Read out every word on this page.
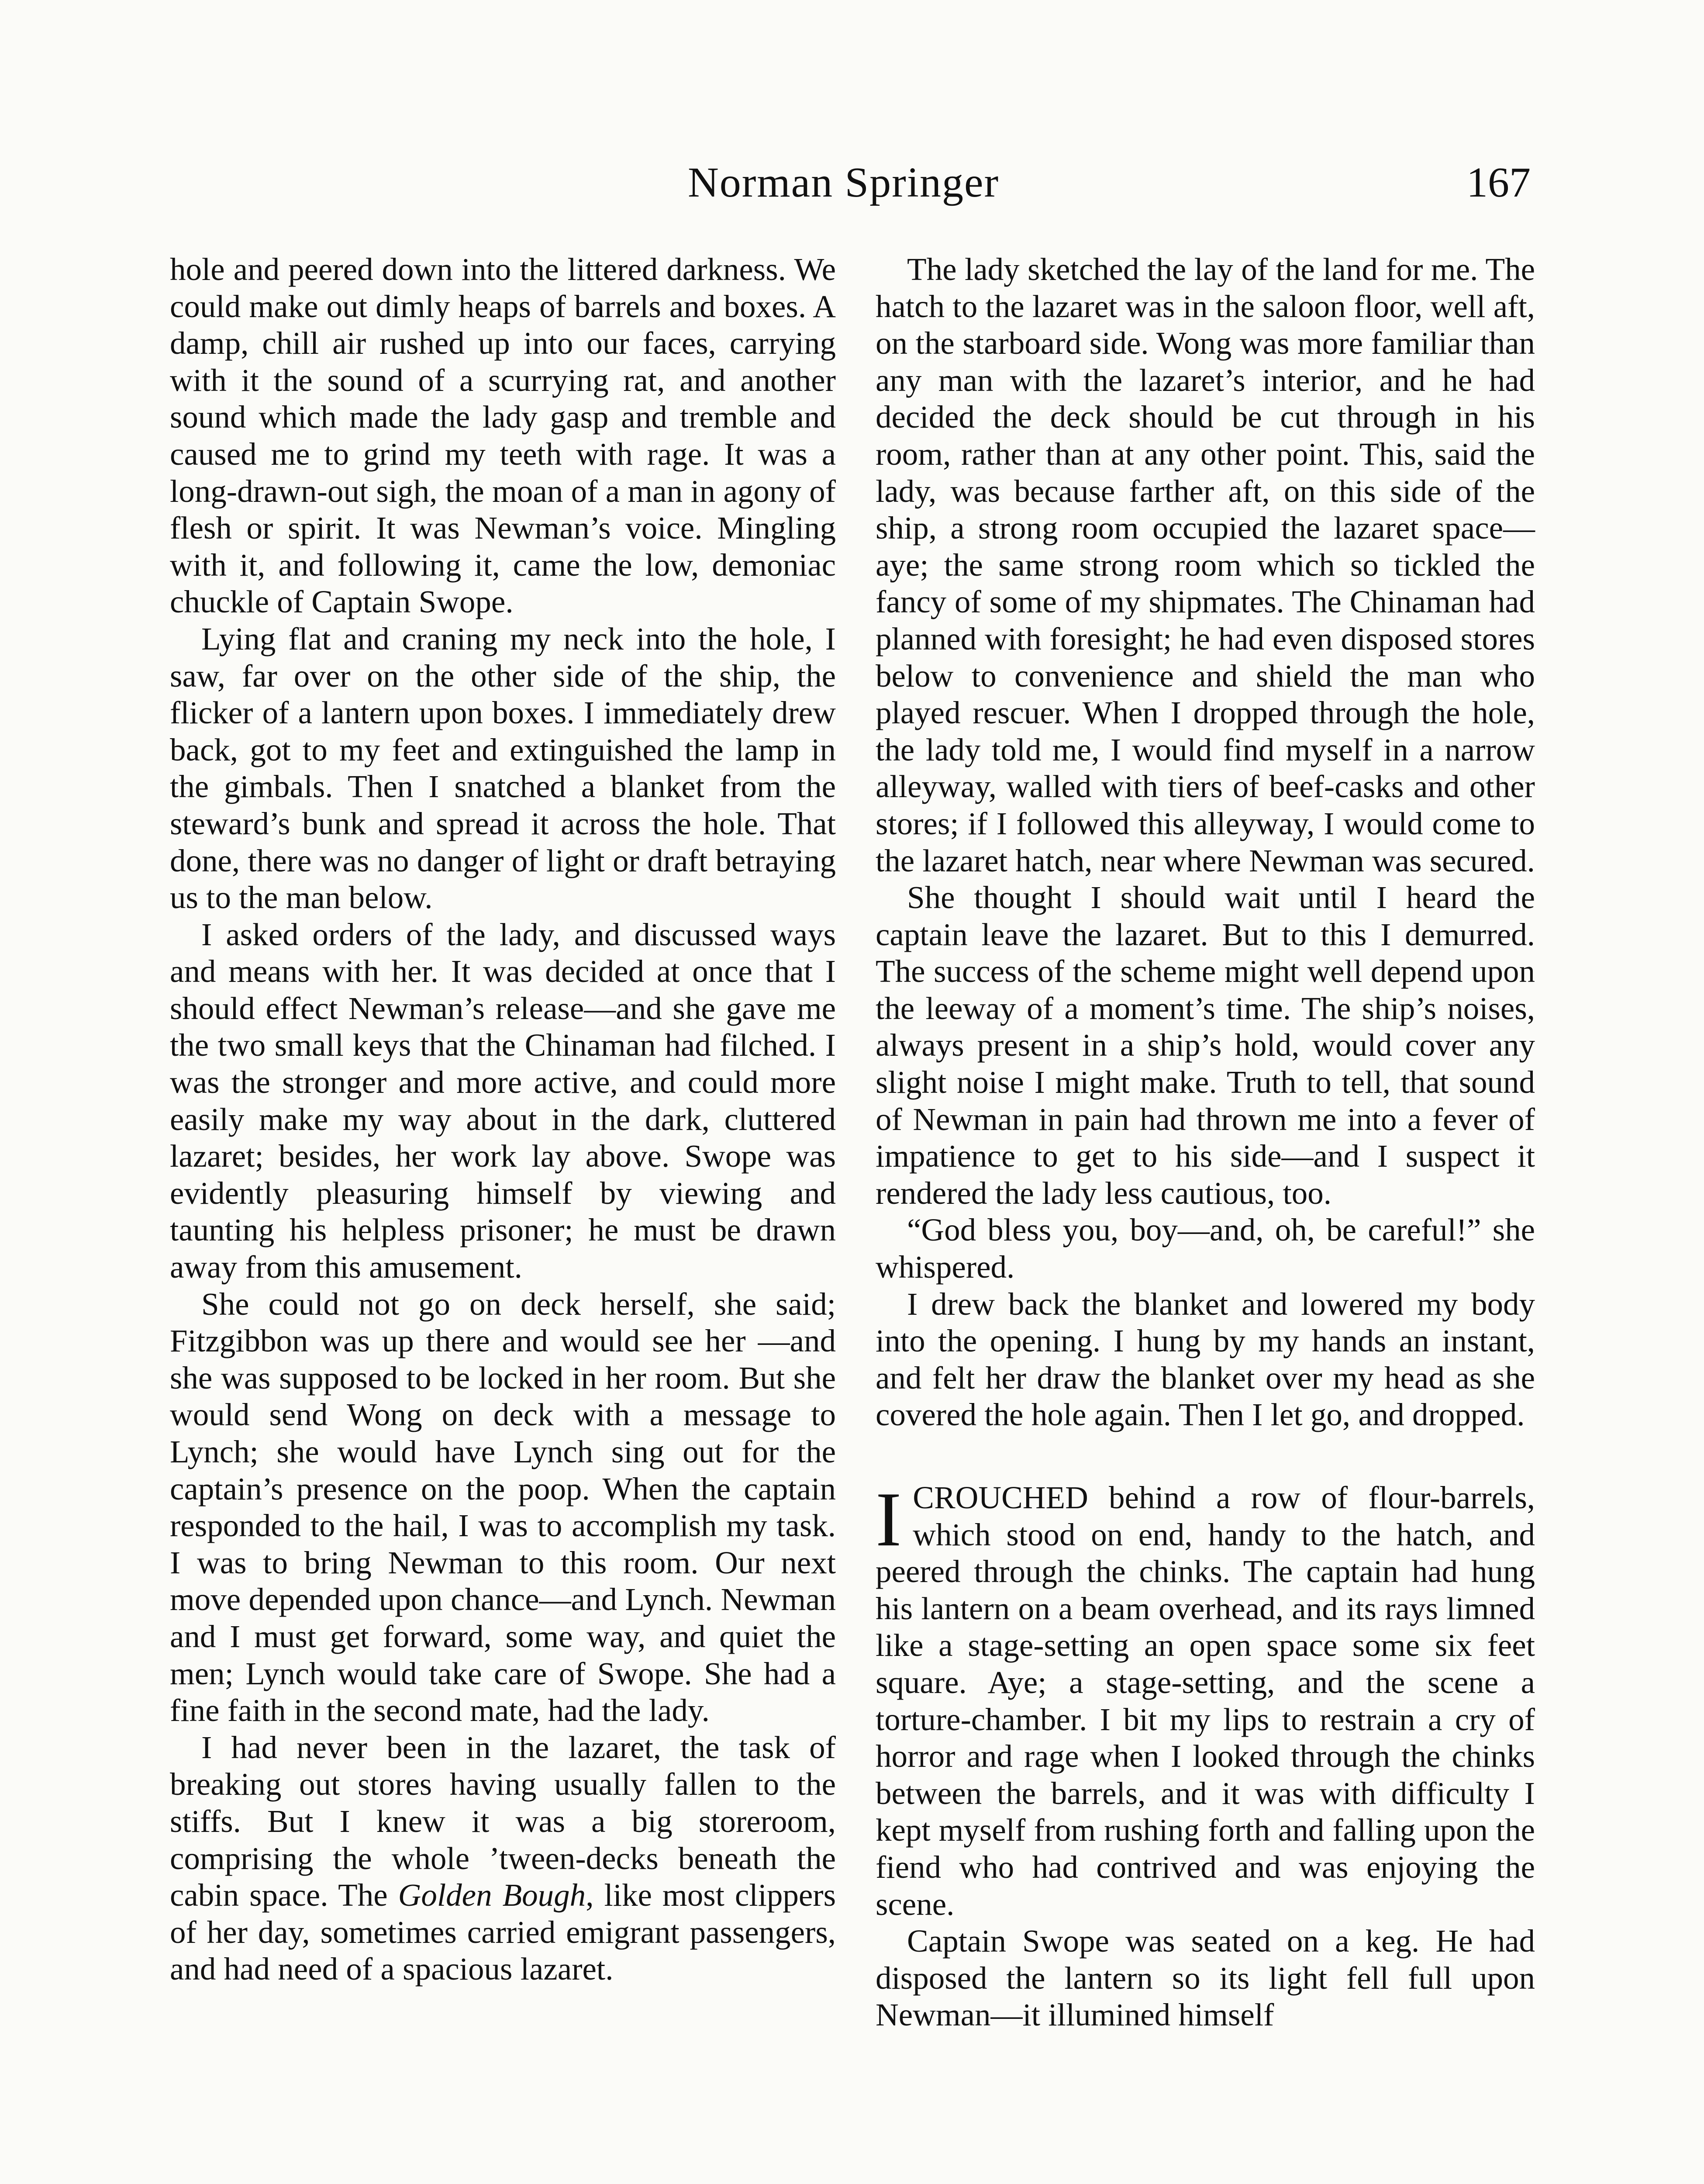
Norman Springer	167

hole and peered down into the littered darkness. We could make out dimly heaps of barrels and boxes. A damp, chill air rushed up into our faces, carrying with it the sound of a scurrying rat, and another sound which made the lady gasp and tremble and caused me to grind my teeth with rage. It was a long-drawn-out sigh, the moan of a man in agony of flesh or spirit. It was Newman’s voice. Mingling with it, and following it, came the low, demoniac chuckle of Captain Swope.

Lying flat and craning my neck into the hole, I saw, far over on the other side of the ship, the flicker of a lantern upon boxes. I immediately drew back, got to my feet and extinguished the lamp in the gimbals. Then I snatched a blanket from the steward’s bunk and spread it across the hole. That done, there was no danger of light or draft betraying us to the man below.

I asked orders of the lady, and discussed ways and means with her. It was decided at once that I should effect Newman’s release—and she gave me the two small keys that the Chinaman had filched. I was the stronger and more active, and could more easily make my way about in the dark, cluttered lazaret; besides, her work lay above. Swope was evidently pleasuring himself by viewing and taunting his helpless prisoner; he must be drawn away from this amusement.

She could not go on deck herself, she said; Fitzgibbon was up there and would see her —and she was supposed to be locked in her room. But she would send Wong on deck with a message to Lynch; she would have Lynch sing out for the captain’s presence on the poop. When the captain responded to the hail, I was to accomplish my task. I was to bring Newman to this room. Our next move depended upon chance—and Lynch. Newman and I must get forward, some way, and quiet the men; Lynch would take care of Swope. She had a fine faith in the second mate, had the lady.

I had never been in the lazaret, the task of breaking out stores having usually fallen to the stiffs. But I knew it was a big storeroom, comprising the whole ’tween-decks beneath the cabin space. The Golden Bough, like most clippers of her day, sometimes carried emigrant passengers, and had need of a spacious lazaret.

The lady sketched the lay of the land for me. The hatch to the lazaret was in the saloon floor, well aft, on the starboard side. Wong was more familiar than any man with the lazaret’s interior, and he had decided the deck should be cut through in his room, rather than at any other point. This, said the lady, was because farther aft, on this side of the ship, a strong room occupied the lazaret space—aye; the same strong room which so tickled the fancy of some of my shipmates. The Chinaman had planned with foresight; he had even disposed stores below to convenience and shield the man who played rescuer. When I dropped through the hole, the lady told me, I would find myself in a narrow alleyway, walled with tiers of beef-casks and other stores; if I followed this alleyway, I would come to the lazaret hatch, near where Newman was secured.

She thought I should wait until I heard the captain leave the lazaret. But to this I demurred. The success of the scheme might well depend upon the leeway of a moment’s time. The ship’s noises, always present in a ship’s hold, would cover any slight noise I might make. Truth to tell, that sound of Newman in pain had thrown me into a fever of impatience to get to his side—and I suspect it rendered the lady less cautious, too.

“God bless you, boy—and, oh, be careful!” she whispered.

I drew back the blanket and lowered my body into the opening. I hung by my hands an instant, and felt her draw the blanket over my head as she covered the hole again. Then I let go, and dropped.

ICROUCHED behind a row of flour-barrels, which stood on end, handy to the hatch, and peered through the chinks. The captain had hung his lantern on a beam overhead, and its rays limned like a stage-setting an open space some six feet square. Aye; a stage-setting, and the scene a torture-chamber. I bit my lips to restrain a cry of horror and rage when I looked through the chinks between the barrels, and it was with difficulty I kept myself from rushing forth and falling upon the fiend who had contrived and was enjoying the scene.

Captain Swope was seated on a keg. He had disposed the lantern so its light fell full upon Newman—it illumined himself
